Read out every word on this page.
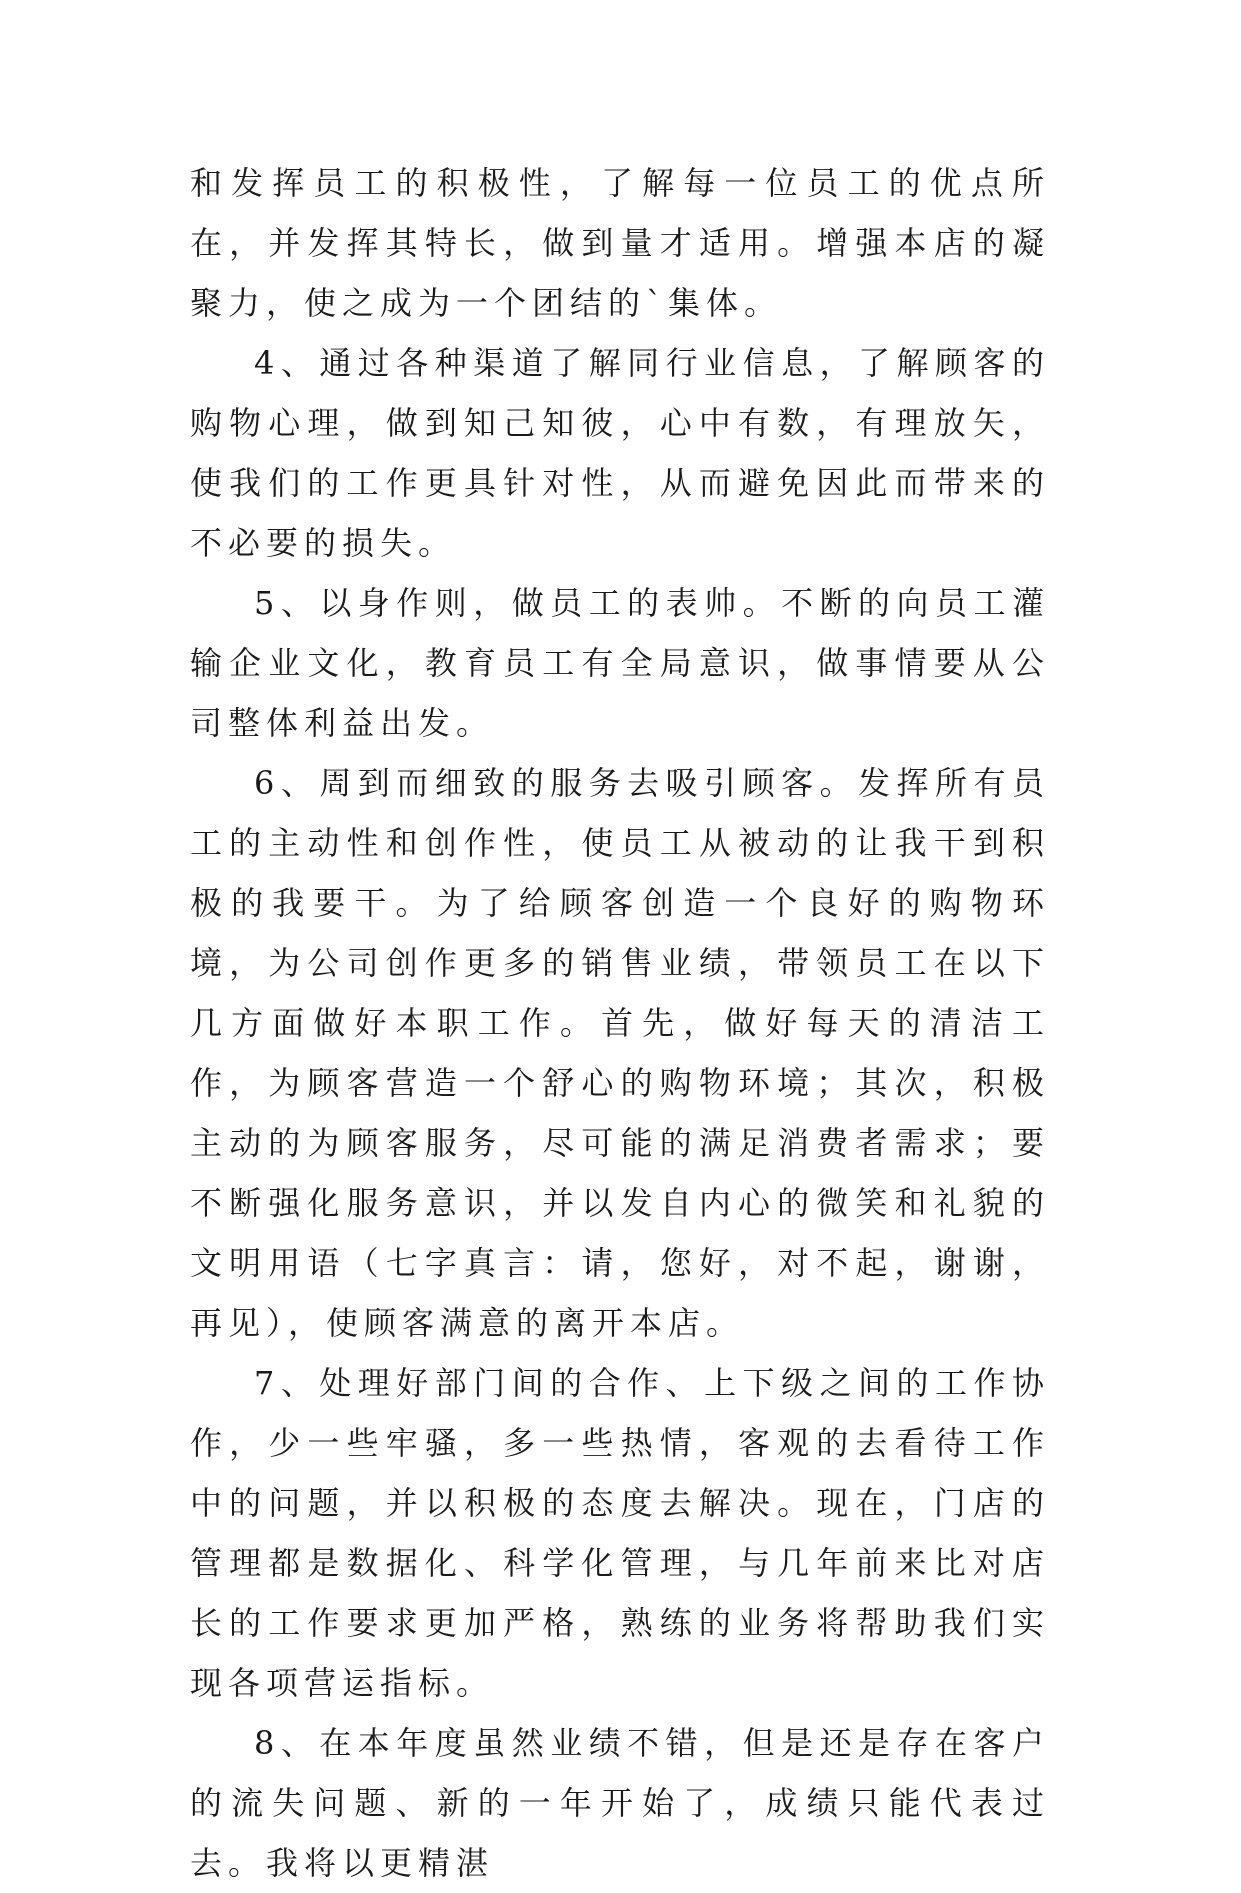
和发挥员工的积极性，了解每一位员工的优点所在，并发挥其特长，做到量才适用。增强本店的凝聚力，使之成为一个团结的`集体。

4、通过各种渠道了解同行业信息，了解顾客的购物心理，做到知己知彼，心中有数，有理放矢，使我们的工作更具针对性，从而避免因此而带来的不必要的损失。

5、以身作则，做员工的表帅。不断的向员工灌输企业文化，教育员工有全局意识，做事情要从公司整体利益出发。

6、周到而细致的服务去吸引顾客。发挥所有员工的主动性和创作性，使员工从被动的让我干到积极的我要干。为了给顾客创造一个良好的购物环境，为公司创作更多的销售业绩，带领员工在以下几方面做好本职工作。首先，做好每天的清洁工作，为顾客营造一个舒心的购物环境；其次，积极主动的为顾客服务，尽可能的满足消费者需求；要不断强化服务意识，并以发自内心的微笑和礼貌的文明用语（七字真言：请，您好，对不起，谢谢，再见），使顾客满意的离开本店。

7、处理好部门间的合作、上下级之间的工作协作，少一些牢骚，多一些热情，客观的去看待工作中的问题，并以积极的态度去解决。现在，门店的管理都是数据化、科学化管理，与几年前来比对店长的工作要求更加严格，熟练的业务将帮助我们实现各项营运指标。

8、在本年度虽然业绩不错，但是还是存在客户的流失问题、新的一年开始了，成绩只能代表过去。我将以更精湛
